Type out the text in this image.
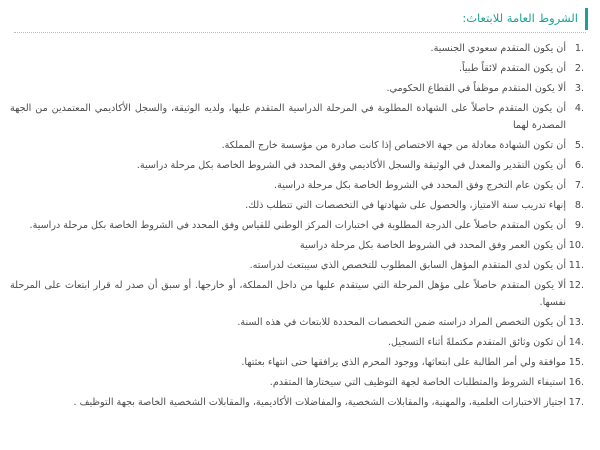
الشروط العامة للابتعاث:
1 .
أن يكون المتقدم سعودي الجنسية.
2 .
أن يكون المتقدم لائقاً طبياً.
3 .
ألا يكون المتقدم موظفاً في القطاع الحكومي.
4 .
أن يكون المتقدم حاصلاً على الشهادة المطلوبة في المرحلة الدراسية المتقدم عليها، ولديه الوثيقة، والسجل الأكاديمي المعتمدين من الجهة المصدرة لهما
5 .
أن تكون الشهادة معادلة من جهة الاختصاص إذا كانت صادرة من مؤسسة خارج المملكة.
6 .
أن يكون التقدير والمعدل في الوثيقة والسجل الأكاديمي وفق المحدد في الشروط الخاصة بكل مرحلة دراسية.
7 .
أن يكون عام التخرج وفق المحدد في الشروط الخاصة بكل مرحلة دراسية.
8 .
إنهاء تدريب سنة الامتياز، والحصول على شهادتها في التخصصات التي تتطلب ذلك.
9 .
أن يكون المتقدم حاصلاً على الدرجة المطلوبة في اختبارات المركز الوطني للقياس وفق المحدد في الشروط الخاصة بكل مرحلة دراسية.
10 .
أن يكون العمر وفق المحدد في الشروط الخاصة بكل مرحلة دراسية
11 .
أن يكون لدى المتقدم المؤهل السابق المطلوب للتخصص الذي سيبتعث لدراسته.
12 .
ألا يكون المتقدم حاصلاً على مؤهل المرحلة التي سيتقدم عليها من داخل المملكة، أو خارجها. أو سبق أن صدر له قرار ابتعاث على المرحلة نفسها.
13 .
أن يكون التخصص المراد دراسته ضمن التخصصات المحددة للابتعاث في هذه السنة.
14 .
أن تكون وثائق المتقدم مكتملةً أثناء التسجيل.
15 .
موافقة ولي أمر الطالبة على ابتعاثها، ووجود المحرم الذي يرافقها حتى انتهاء بعثتها.
16 .
استيفاء الشروط والمتطلبات الخاصة لجهة التوظيف التي سيختارها المتقدم.
17 .
اجتياز الاختبارات العلمية، والمهنية، والمقابلات الشخصية، والمفاضلات الأكاديمية، والمقابلات الشخصية الخاصة بجهة التوظيف .
